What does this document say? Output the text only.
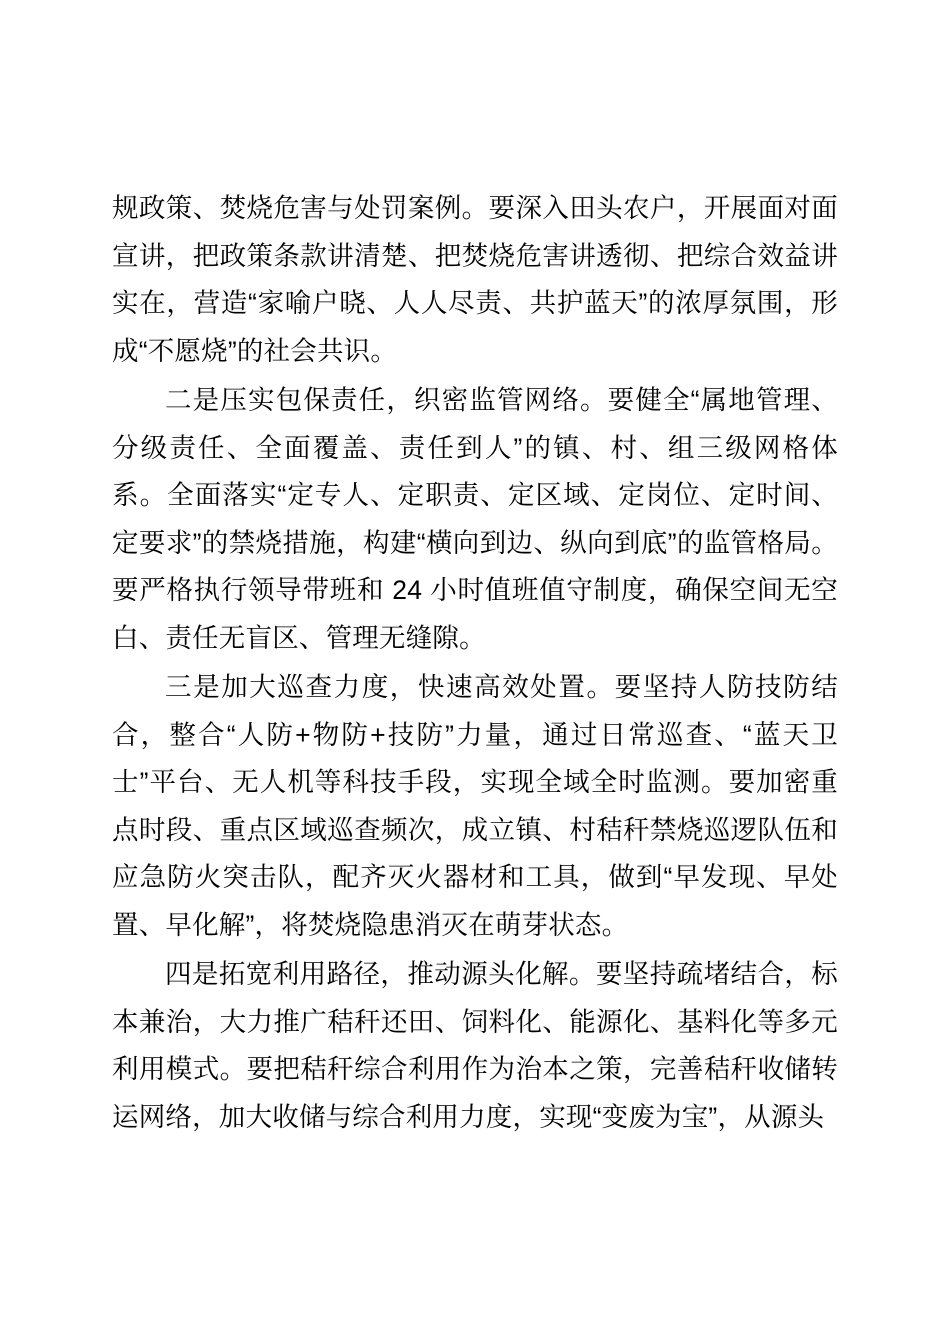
规政策、焚烧危害与处罚案例。要深入田头农户，开展面对面宣讲，把政策条款讲清楚、把焚烧危害讲透彻、把综合效益讲实在，营造“家喻户晓、人人尽责、共护蓝天”的浓厚氛围，形成“不愿烧”的社会共识。

二是压实包保责任，织密监管网络。要健全“属地管理、分级责任、全面覆盖、责任到人”的镇、村、组三级网格体系。全面落实“定专人、定职责、定区域、定岗位、定时间、定要求”的禁烧措施，构建“横向到边、纵向到底”的监管格局。要严格执行领导带班和 24 小时值班值守制度，确保空间无空白、责任无盲区、管理无缝隙。

三是加大巡查力度，快速高效处置。要坚持人防技防结合，整合“人防+物防+技防”力量，通过日常巡查、“蓝天卫士”平台、无人机等科技手段，实现全域全时监测。要加密重点时段、重点区域巡查频次，成立镇、村秸秆禁烧巡逻队伍和应急防火突击队，配齐灭火器材和工具，做到“早发现、早处置、早化解”，将焚烧隐患消灭在萌芽状态。

四是拓宽利用路径，推动源头化解。要坚持疏堵结合，标本兼治，大力推广秸秆还田、饲料化、能源化、基料化等多元利用模式。要把秸秆综合利用作为治本之策，完善秸秆收储转运网络，加大收储与综合利用力度，实现“变废为宝”，从源头
